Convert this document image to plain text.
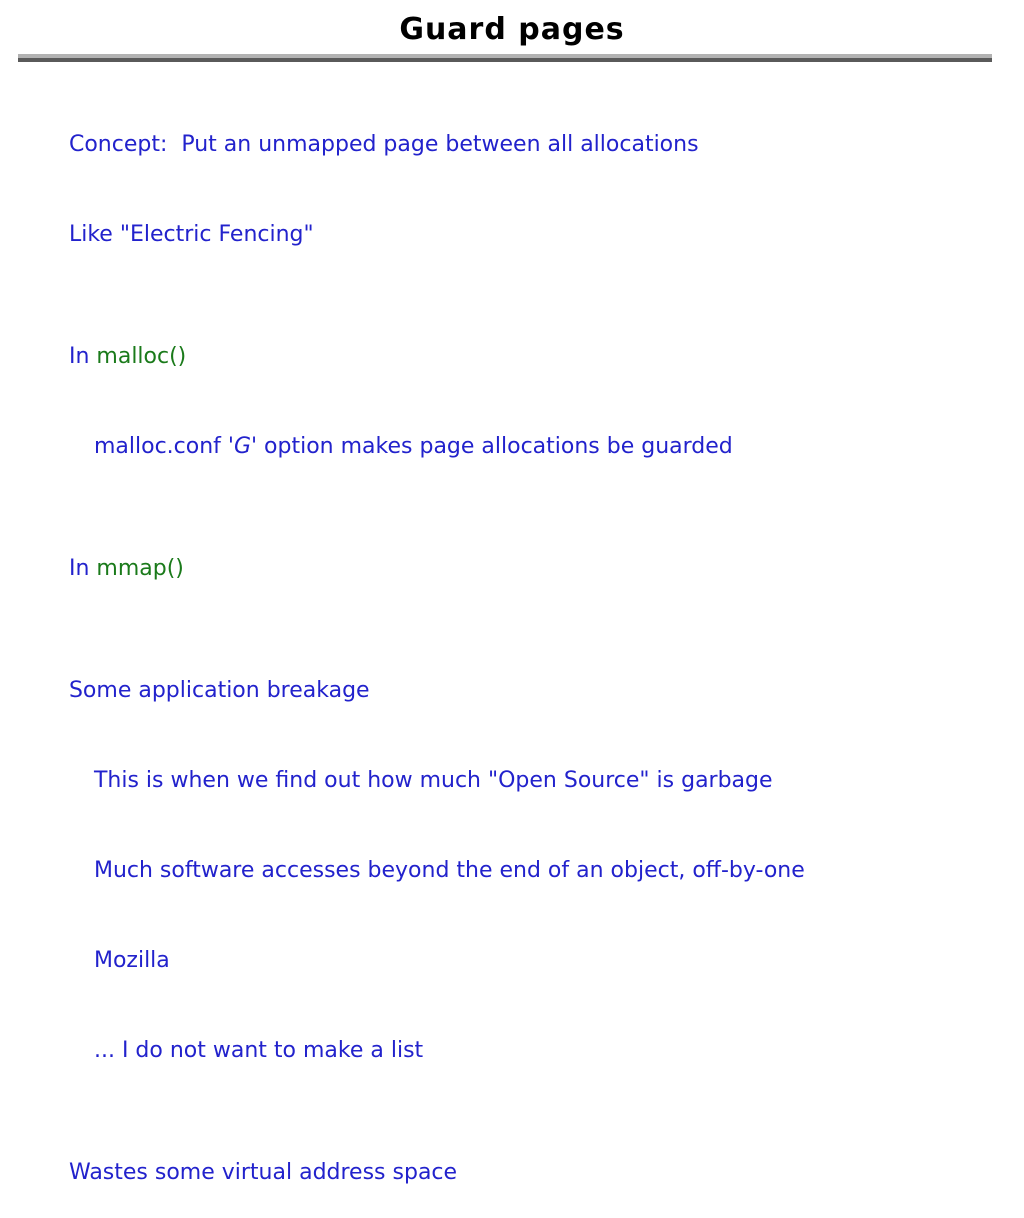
Guard pages

Concept:  Put an unmapped page between all allocations

Like "Electric Fencing"

In malloc()

malloc.conf 'G' option makes page allocations be guarded

In mmap()

Some application breakage

This is when we find out how much "Open Source" is garbage

Much software accesses beyond the end of an object, off-by-one

Mozilla

... I do not want to make a list

Wastes some virtual address space
